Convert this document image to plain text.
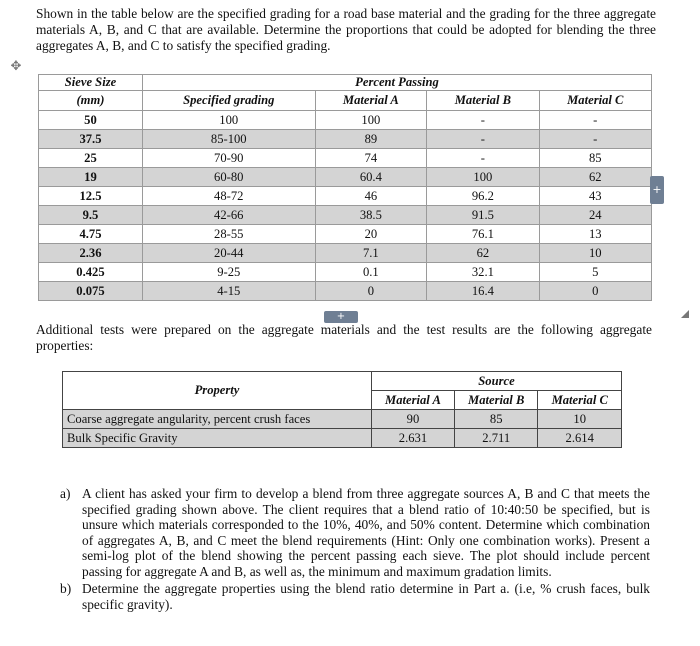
Shown in the table below are the specified grading for a road base material and the grading for the three aggregate materials A, B, and C that are available. Determine the proportions that could be adopted for blending the three aggregates A, B, and C to satisfy the specified grading.
✥
Sieve Size	Percent Passing			
(mm)	Specified grading	Material A	Material B	Material C
50	100	100	-	-
37.5	85-100	89	-	-
25	70-90	74	-	85
19	60-80	60.4	100	62
12.5	48-72	46	96.2	43
9.5	42-66	38.5	91.5	24
4.75	28-55	20	76.1	13
2.36	20-44	7.1	62	10
0.425	9-25	0.1	32.1	5
0.075	4-15	0	16.4	0
+
+
Additional tests were prepared on the aggregate materials and the test results are the following aggregate properties:
Property	Source		
	Material A	Material B	Material C
Coarse aggregate angularity, percent crush faces	90	85	10
Bulk Specific Gravity	2.631	2.711	2.614
a) A client has asked your firm to develop a blend from three aggregate sources A, B and C that meets the specified grading shown above. The client requires that a blend ratio of 10:40:50 be specified, but is unsure which materials corresponded to the 10%, 40%, and 50% content. Determine which combination of aggregates A, B, and C meet the blend requirements (Hint: Only one combination works). Present a semi-log plot of the blend showing the percent passing each sieve. The plot should include percent passing for aggregate A and B, as well as, the minimum and maximum gradation limits.
b) Determine the aggregate properties using the blend ratio determine in Part a. (i.e, % crush faces, bulk specific gravity).
